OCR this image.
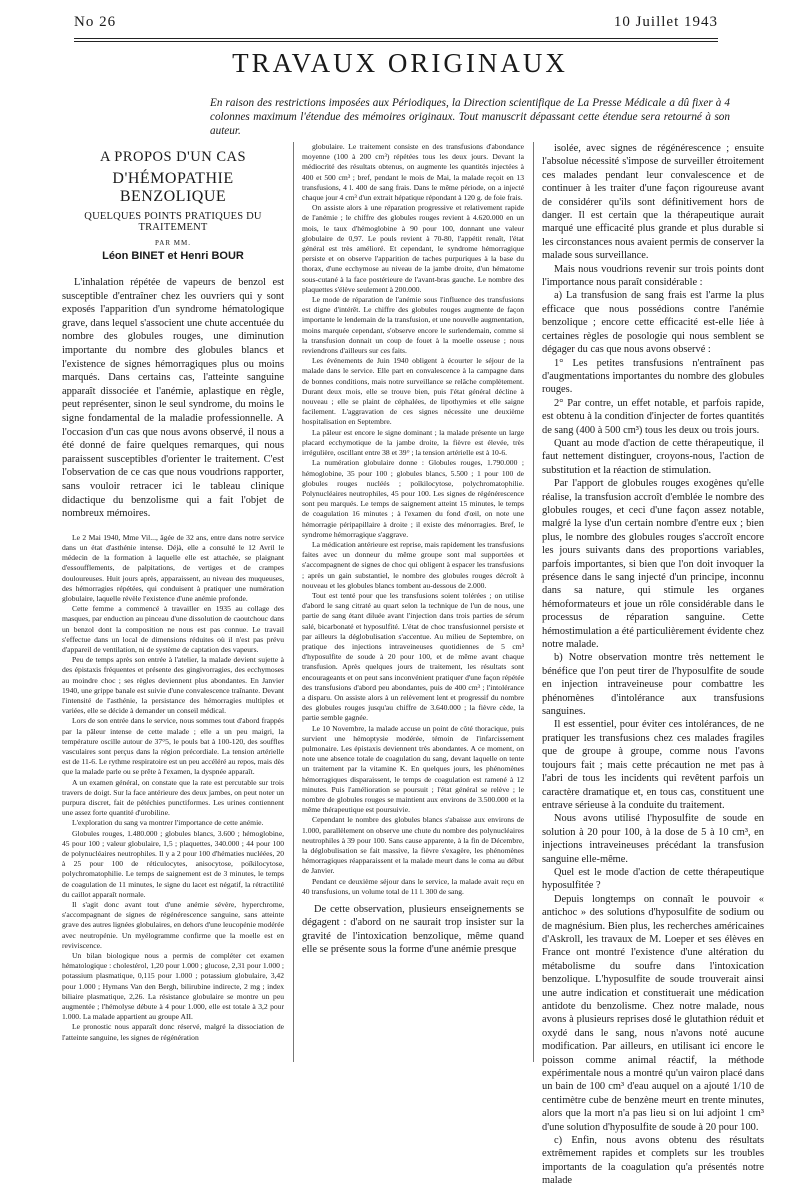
No 26	10 Juillet 1943
TRAVAUX ORIGINAUX
En raison des restrictions imposées aux Périodiques, la Direction scientifique de La Presse Médicale a dû fixer à 4 colonnes maximum l'étendue des mémoires originaux. Tout manuscrit dépassant cette étendue sera retourné à son auteur.
A PROPOS D'UN CAS
D'HÉMOPATHIE BENZOLIQUE
QUELQUES POINTS PRATIQUES DU TRAITEMENT
PAR MM.
Léon BINET et Henri BOUR

L'inhalation répétée de vapeurs de benzol est susceptible d'entraîner chez les ouvriers qui y sont exposés l'apparition d'un syndrome hématologique grave, dans lequel s'associent une chute accentuée du nombre des globules rouges, une diminution importante du nombre des globules blancs et l'existence de signes hémorragiques plus ou moins marqués. Dans certains cas, l'atteinte sanguine apparaît dissociée et l'anémie, aplastique en règle, peut représenter, sinon le seul syndrome, du moins le signe fondamental de la maladie professionnelle. A l'occasion d'un cas que nous avons observé, il nous a été donné de faire quelques remarques, qui nous paraissent susceptibles d'orienter le traitement. C'est l'observation de ce cas que nous voudrions rapporter, sans vouloir retracer ici le tableau clinique didactique du benzolisme qui a fait l'objet de nombreux mémoires.

Le 2 Mai 1940, Mme Vil..., âgée de 32 ans, entre dans notre service dans un état d'asthénie intense. Déjà, elle a consulté le 12 Avril le médecin de la formation à laquelle elle est attachée, se plaignant d'essoufflements, de palpitations, de vertiges et de crampes douloureuses. Huit jours après, apparaissent, au niveau des muqueuses, des hémorragies répétées, qui conduisent à pratiquer une numération globulaire, laquelle révèle l'existence d'une anémie profonde.

Cette femme a commencé à travailler en 1935 au collage des masques, par enduction au pinceau d'une dissolution de caoutchouc dans un benzol dont la composition ne nous est pas connue. Le travail s'effectue dans un local de dimensions réduites où il n'est pas prévu d'appareil de ventilation, ni de système de captation des vapeurs.

Peu de temps après son entrée à l'atelier, la malade devient sujette à des épistaxis fréquentes et présente des gingivorragies, des ecchymoses au moindre choc ; ses règles deviennent plus abondantes. En Janvier 1940, une grippe banale est suivie d'une convalescence traînante. Devant l'intensité de l'asthénie, la persistance des hémorragies multiples et variées, elle se décide à demander un conseil médical.

Lors de son entrée dans le service, nous sommes tout d'abord frappés par la pâleur intense de cette malade ; elle a un peu maigri, la température oscille autour de 37°5, le pouls bat à 100-120, des souffles vasculaires sont perçus dans la région précordiale. La tension artérielle est de 11-6. Le rythme respiratoire est un peu accéléré au repos, mais dès que la malade parle ou se prête à l'examen, la dyspnée apparaît.

A un examen général, on constate que la rate est percutable sur trois travers de doigt. Sur la face antérieure des deux jambes, on peut noter un purpura discret, fait de pétéchies punctiformes. Les urines contiennent une assez forte quantité d'urobiline.

L'exploration du sang va montrer l'importance de cette anémie.

Globules rouges, 1.480.000 ; globules blancs, 3.600 ; hémoglobine, 45 pour 100 ; valeur globulaire, 1,5 ; plaquettes, 340.000 ; 44 pour 100 de polynucléaires neutrophiles. Il y a 2 pour 100 d'hématies nucléées, 20 à 25 pour 100 de réticulocytes, anisocytose, poïkilocytose, polychromatophilie. Le temps de saignement est de 3 minutes, le temps de coagulation de 11 minutes, le signe du lacet est négatif, la rétractilité du caillot apparaît normale.

Il s'agit donc avant tout d'une anémie sévère, hyperchrome, s'accompagnant de signes de régénérescence sanguine, sans atteinte grave des autres lignées globulaires, en dehors d'une leucopénie modérée avec neutropénie. Un myélogramme confirme que la moelle est en reviviscence.

Un bilan biologique nous a permis de compléter cet examen hématologique : cholestérol, 1,20 pour 1.000 ; glucose, 2,31 pour 1.000 ; potassium plasmatique, 0,115 pour 1.000 ; potassium globulaire, 3,42 pour 1.000 ; Hymans Van den Bergh, bilirubine indirecte, 2 mg ; index biliaire plasmatique, 2,26. La résistance globulaire se montre un peu augmentée ; l'hémolyse débute à 4 pour 1.000, elle est totale à 3,2 pour 1.000. La malade appartient au groupe AII.

Le pronostic nous apparaît donc réservé, malgré la dissociation de l'atteinte sanguine, les signes de régénération

globulaire. Le traitement consiste en des transfusions d'abondance moyenne (100 à 200 cm³) répétées tous les deux jours. Devant la médiocrité des résultats obtenus, on augmente les quantités injectées à 400 et 500 cm³ ; bref, pendant le mois de Mai, la malade reçoit en 13 transfusions, 4 l. 400 de sang frais. Dans le même période, on a injecté chaque jour 4 cm³ d'un extrait hépatique répondant à 120 g. de foie frais.

On assiste alors à une réparation progressive et relativement rapide de l'anémie ; le chiffre des globules rouges revient à 4.620.000 en un mois, le taux d'hémoglobine à 90 pour 100, donnant une valeur globulaire de 0,97. Le pouls revient à 70-80, l'appétit renaît, l'état général est très amélioré. Et cependant, le syndrome hémorragique persiste et on observe l'apparition de taches purpuriques à la base du thorax, d'une ecchymose au niveau de la jambe droite, d'un hématome sous-cutané à la face postérieure de l'avant-bras gauche. Le nombre des plaquettes s'élève seulement à 200.000.

Le mode de réparation de l'anémie sous l'influence des transfusions est digne d'intérêt. Le chiffre des globules rouges augmente de façon importante le lendemain de la transfusion, et une nouvelle augmentation, moins marquée cependant, s'observe encore le surlendemain, comme si la transfusion donnait un coup de fouet à la moelle osseuse ; nous reviendrons d'ailleurs sur ces faits.

Les événements de Juin 1940 obligent à écourter le séjour de la malade dans le service. Elle part en convalescence à la campagne dans de bonnes conditions, mais notre surveillance se relâche complètement. Durant deux mois, elle se trouve bien, puis l'état général décline à nouveau ; elle se plaint de céphalées, de lipothymies et elle saigne facilement. L'aggravation de ces signes nécessite une deuxième hospitalisation en Septembre.

La pâleur est encore le signe dominant ; la malade présente un large placard ecchymotique de la jambe droite, la fièvre est élevée, très irrégulière, oscillant entre 38 et 39° ; la tension artérielle est à 10-6.

La numération globulaire donne : Globules rouges, 1.790.000 ; hémoglobine, 35 pour 100 ; globules blancs, 5.500 ; 1 pour 100 de globules rouges nucléés ; poïkilocytose, polychromatophilie. Polynucléaires neutrophiles, 45 pour 100. Les signes de régénérescence sont peu marqués. Le temps de saignement atteint 15 minutes, le temps de coagulation 16 minutes ; à l'examen du fond d'œil, on note une hémorragie péripapillaire à droite ; il existe des ménorragies. Bref, le syndrome hémorragique s'aggrave.

La médication antérieure est reprise, mais rapidement les transfusions faites avec un donneur du même groupe sont mal supportées et s'accompagnent de signes de choc qui obligent à espacer les transfusions ; après un gain substantiel, le nombre des globules rouges décroît à nouveau et les globules blancs tombent au-dessous de 2.000.

Tout est tenté pour que les transfusions soient tolérées ; on utilise d'abord le sang citraté au quart selon la technique de l'un de nous, une partie de sang étant diluée avant l'injection dans trois parties de sérum salé, bicarbonaté et hyposulfité. L'état de choc transfusionnel persiste et par ailleurs la déglobulisation s'accentue. Au milieu de Septembre, on pratique des injections intraveineuses quotidiennes de 5 cm³ d'hyposulfite de soude à 20 pour 100, et de même avant chaque transfusion. Après quelques jours de traitement, les résultats sont encourageants et on peut sans inconvénient pratiquer d'une façon répétée des transfusions d'abord peu abondantes, puis de 400 cm³ ; l'intolérance a disparu. On assiste alors à un relèvement lent et progressif du nombre des globules rouges jusqu'au chiffre de 3.640.000 ; la fièvre cède, la partie semble gagnée.

Le 10 Novembre, la malade accuse un point de côté thoracique, puis survient une hémoptysie modérée, témoin de l'infarcissement pulmonaire. Les épistaxis deviennent très abondantes. A ce moment, on note une absence totale de coagulation du sang, devant laquelle on tente un traitement par la vitamine K. En quelques jours, les phénomènes hémorragiques disparaissent, le temps de coagulation est ramené à 12 minutes. Puis l'amélioration se poursuit ; l'état général se relève ; le nombre de globules rouges se maintient aux environs de 3.500.000 et la même thérapeutique est poursuivie.

Cependant le nombre des globules blancs s'abaisse aux environs de 1.000, parallèlement on observe une chute du nombre des polynucléaires neutrophiles à 39 pour 100. Sans cause apparente, à la fin de Décembre, la déglobulisation se fait massive, la fièvre s'exagère, les phénomènes hémorragiques réapparaissent et la malade meurt dans le coma au début de Janvier.

Pendant ce deuxième séjour dans le service, la malade avait reçu en 40 transfusions, un volume total de 11 l. 300 de sang.

De cette observation, plusieurs enseignements se dégagent : d'abord on ne saurait trop insister sur la gravité de l'intoxication benzolique, même quand elle se présente sous la forme d'une anémie presque

isolée, avec signes de régénérescence ; ensuite l'absolue nécessité s'impose de surveiller étroitement ces malades pendant leur convalescence et de continuer à les traiter d'une façon rigoureuse avant de considérer qu'ils sont définitivement hors de danger. Il est certain que la thérapeutique aurait marqué une efficacité plus grande et plus durable si les circonstances nous avaient permis de conserver la malade sous surveillance.

Mais nous voudrions revenir sur trois points dont l'importance nous paraît considérable :

a) La transfusion de sang frais est l'arme la plus efficace que nous possédions contre l'anémie benzolique ; encore cette efficacité est-elle liée à certaines règles de posologie qui nous semblent se dégager du cas que nous avons observé :

1° Les petites transfusions n'entraînent pas d'augmentations importantes du nombre des globules rouges.

2° Par contre, un effet notable, et parfois rapide, est obtenu à la condition d'injecter de fortes quantités de sang (400 à 500 cm³) tous les deux ou trois jours.

Quant au mode d'action de cette thérapeutique, il faut nettement distinguer, croyons-nous, l'action de substitution et la réaction de stimulation.

Par l'apport de globules rouges exogènes qu'elle réalise, la transfusion accroît d'emblée le nombre des globules rouges, et ceci d'une façon assez notable, malgré la lyse d'un certain nombre d'entre eux ; bien plus, le nombre des globules rouges s'accroît encore les jours suivants dans des proportions variables, parfois importantes, si bien que l'on doit invoquer la présence dans le sang injecté d'un principe, inconnu dans sa nature, qui stimule les organes hémoformateurs et joue un rôle considérable dans le processus de réparation sanguine. Cette hémostimulation a été particulièrement évidente chez notre malade.

b) Notre observation montre très nettement le bénéfice que l'on peut tirer de l'hyposulfite de soude en injection intraveineuse pour combattre les phénomènes d'intolérance aux transfusions sanguines.

Il est essentiel, pour éviter ces intolérances, de ne pratiquer les transfusions chez ces malades fragiles que de groupe à groupe, comme nous l'avons toujours fait ; mais cette précaution ne met pas à l'abri de tous les incidents qui revêtent parfois un caractère dramatique et, en tous cas, constituent une entrave sérieuse à la conduite du traitement.

Nous avons utilisé l'hyposulfite de soude en solution à 20 pour 100, à la dose de 5 à 10 cm³, en injections intraveineuses précédant la transfusion sanguine elle-même.

Quel est le mode d'action de cette thérapeutique hyposulfitée ?

Depuis longtemps on connaît le pouvoir « antichoc » des solutions d'hyposulfite de sodium ou de magnésium. Bien plus, les recherches américaines d'Askroll, les travaux de M. Loeper et ses élèves en France ont montré l'existence d'une altération du métabolisme du soufre dans l'intoxication benzolique. L'hyposulfite de soude trouverait ainsi une autre indication et constituerait une médication antidote du benzolisme. Chez notre malade, nous avons à plusieurs reprises dosé le glutathion réduit et oxydé dans le sang, nous n'avons noté aucune modification. Par ailleurs, en utilisant ici encore le poisson comme animal réactif, la méthode expérimentale nous a montré qu'un vairon placé dans un bain de 100 cm³ d'eau auquel on a ajouté 1/10 de centimètre cube de benzène meurt en trente minutes, alors que la mort n'a pas lieu si on lui adjoint 1 cm³ d'une solution d'hyposulfite de soude à 20 pour 100.

c) Enfin, nous avons obtenu des résultats extrêmement rapides et complets sur les troubles importants de la coagulation qu'a présentés notre malade
